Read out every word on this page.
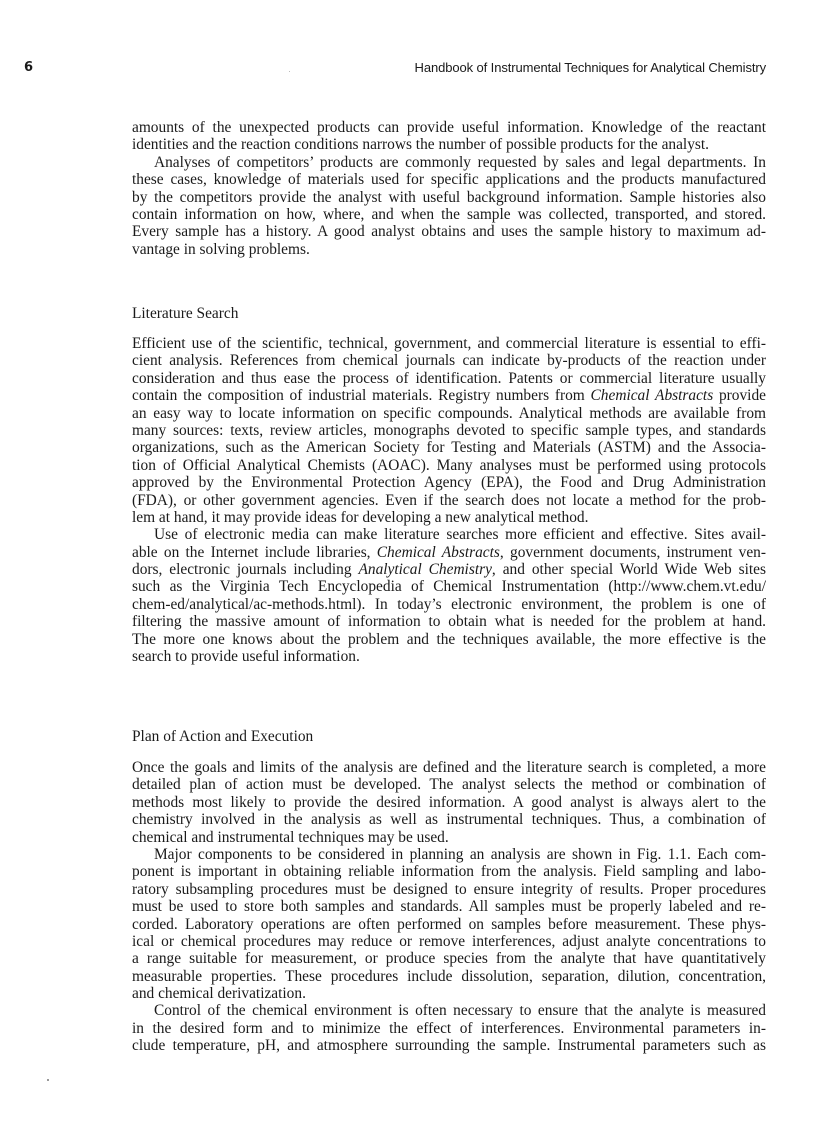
6	Handbook of Instrumental Techniques for Analytical Chemistry
amounts of the unexpected products can provide useful information. Knowledge of the reactant
identities and the reaction conditions narrows the number of possible products for the analyst.
Analyses of competitors’ products are commonly requested by sales and legal departments. In
these cases, knowledge of materials used for specific applications and the products manufactured
by the competitors provide the analyst with useful background information. Sample histories also
contain information on how, where, and when the sample was collected, transported, and stored.
Every sample has a history. A good analyst obtains and uses the sample history to maximum ad-
vantage in solving problems.
Literature Search
Efficient use of the scientific, technical, government, and commercial literature is essential to effi-
cient analysis. References from chemical journals can indicate by-products of the reaction under
consideration and thus ease the process of identification. Patents or commercial literature usually
contain the composition of industrial materials. Registry numbers from Chemical Abstracts provide
an easy way to locate information on specific compounds. Analytical methods are available from
many sources: texts, review articles, monographs devoted to specific sample types, and standards
organizations, such as the American Society for Testing and Materials (ASTM) and the Associa-
tion of Official Analytical Chemists (AOAC). Many analyses must be performed using protocols
approved by the Environmental Protection Agency (EPA), the Food and Drug Administration
(FDA), or other government agencies. Even if the search does not locate a method for the prob-
lem at hand, it may provide ideas for developing a new analytical method.
Use of electronic media can make literature searches more efficient and effective. Sites avail-
able on the Internet include libraries, Chemical Abstracts, government documents, instrument ven-
dors, electronic journals including Analytical Chemistry, and other special World Wide Web sites
such as the Virginia Tech Encyclopedia of Chemical Instrumentation (http://www.chem.vt.edu/
chem-ed/analytical/ac-methods.html). In today’s electronic environment, the problem is one of
filtering the massive amount of information to obtain what is needed for the problem at hand.
The more one knows about the problem and the techniques available, the more effective is the
search to provide useful information.
Plan of Action and Execution
Once the goals and limits of the analysis are defined and the literature search is completed, a more
detailed plan of action must be developed. The analyst selects the method or combination of
methods most likely to provide the desired information. A good analyst is always alert to the
chemistry involved in the analysis as well as instrumental techniques. Thus, a combination of
chemical and instrumental techniques may be used.
Major components to be considered in planning an analysis are shown in Fig. 1.1. Each com-
ponent is important in obtaining reliable information from the analysis. Field sampling and labo-
ratory subsampling procedures must be designed to ensure integrity of results. Proper procedures
must be used to store both samples and standards. All samples must be properly labeled and re-
corded. Laboratory operations are often performed on samples before measurement. These phys-
ical or chemical procedures may reduce or remove interferences, adjust analyte concentrations to
a range suitable for measurement, or produce species from the analyte that have quantitatively
measurable properties. These procedures include dissolution, separation, dilution, concentration,
and chemical derivatization.
Control of the chemical environment is often necessary to ensure that the analyte is measured
in the desired form and to minimize the effect of interferences. Environmental parameters in-
clude temperature, pH, and atmosphere surrounding the sample. Instrumental parameters such as
